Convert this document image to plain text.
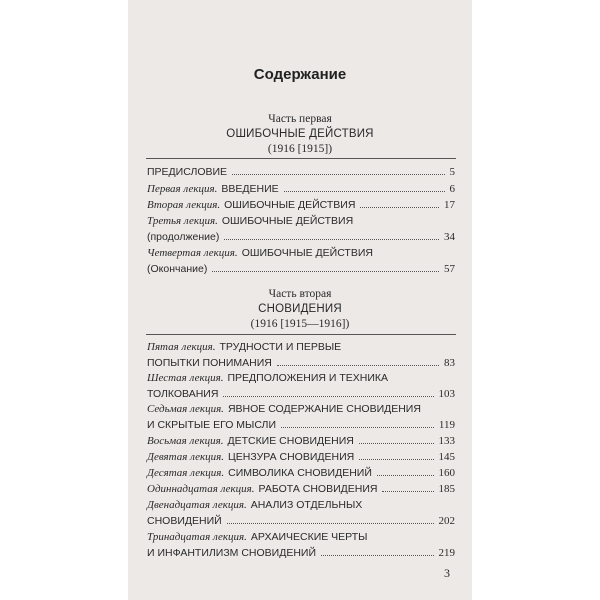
Содержание
Часть первая
ОШИБОЧНЫЕ ДЕЙСТВИЯ
(1916 [1915])
ПРЕДИСЛОВИЕ	5
Первая лекция. ВВЕДЕНИЕ	6
Вторая лекция. ОШИБОЧНЫЕ ДЕЙСТВИЯ	17
Третья лекция. ОШИБОЧНЫЕ ДЕЙСТВИЯ
(продолжение)	34
Четвертая лекция. ОШИБОЧНЫЕ ДЕЙСТВИЯ
(Окончание)	57
Часть вторая
СНОВИДЕНИЯ
(1916 [1915—1916])
Пятая лекция. ТРУДНОСТИ И ПЕРВЫЕ
ПОПЫТКИ ПОНИМАНИЯ	83
Шестая лекция. ПРЕДПОЛОЖЕНИЯ И ТЕХНИКА
ТОЛКОВАНИЯ	103
Седьмая лекция. ЯВНОЕ СОДЕРЖАНИЕ СНОВИДЕНИЯ
И СКРЫТЫЕ ЕГО МЫСЛИ	119
Восьмая лекция. ДЕТСКИЕ СНОВИДЕНИЯ	133
Девятая лекция. ЦЕНЗУРА СНОВИДЕНИЯ	145
Десятая лекция. СИМВОЛИКА СНОВИДЕНИЙ	160
Одиннадцатая лекция. РАБОТА СНОВИДЕНИЯ	185
Двенадцатая лекция. АНАЛИЗ ОТДЕЛЬНЫХ
СНОВИДЕНИЙ	202
Тринадцатая лекция. АРХАИЧЕСКИЕ ЧЕРТЫ
И ИНФАНТИЛИЗМ СНОВИДЕНИЙ	219
3
